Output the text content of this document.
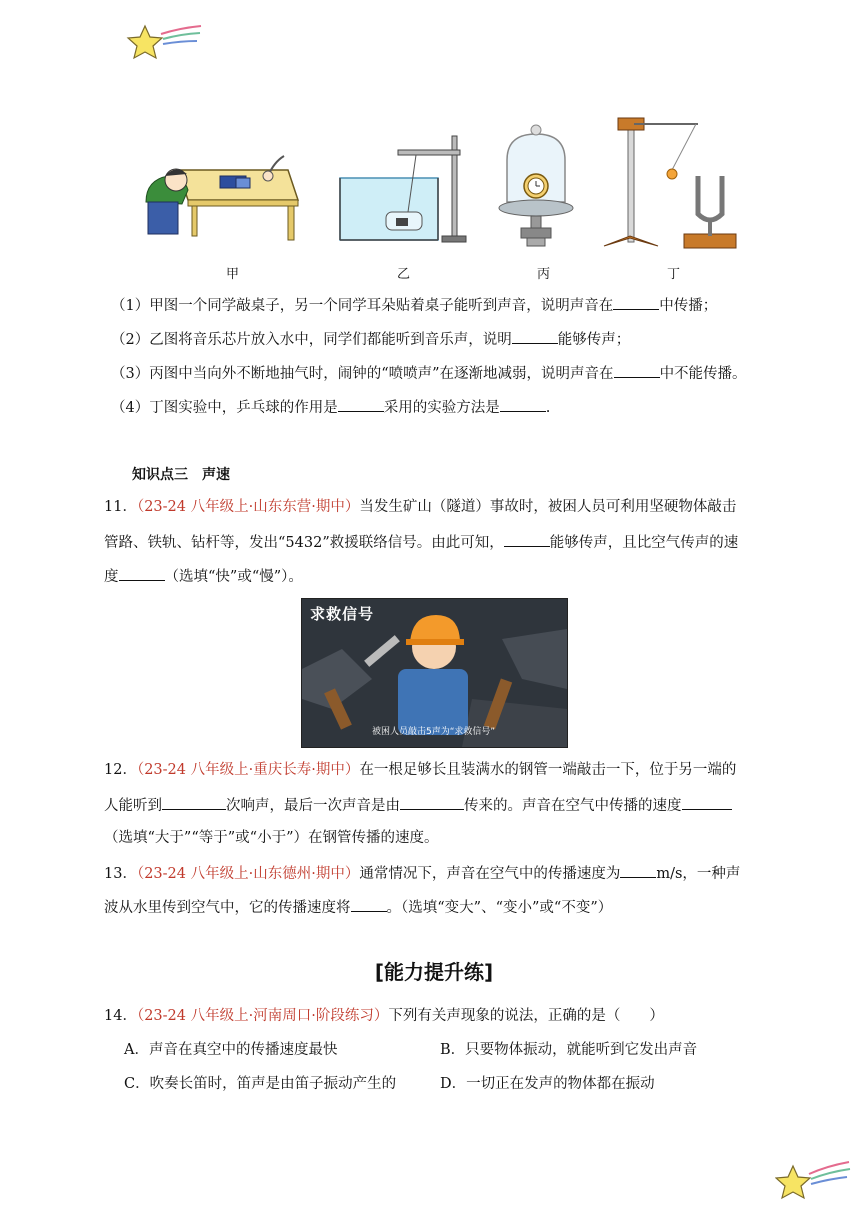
甲	乙	丙	丁
（1）甲图一个同学敲桌子，另一个同学耳朵贴着桌子能听到声音，说明声音在	中传播；
（2）乙图将音乐芯片放入水中，同学们都能听到音乐声，说明	能够传声；
（3）丙图中当向外不断地抽气时，闹钟的“喷喷声”在逐渐地减弱，说明声音在	中不能传播。
（4）丁图实验中，乒乓球的作用是	采用的实验方法是	.
知识点三　声速
11．（23-24 八年级上·山东东营·期中）当发生矿山（隧道）事故时，被困人员可利用坚硬物体敲击
管路、铁轨、钻杆等，发出“5432”救援联络信号。由此可知，	能够传声，且比空气传声的速
度	（选填“快”或“慢”）。
求救信号
被困人员敲击5声为“求救信号”
12．（23-24 八年级上·重庆长寿·期中）在一根足够长且装满水的钢管一端敲击一下，位于另一端的
人能听到	次响声，最后一次声音是由	传来的。声音在空气中传播的速度
（选填“大于”“等于”或“小于”）在钢管传播的速度。
13．（23-24 八年级上·山东德州·期中）通常情况下，声音在空气中的传播速度为 m/s，一种声
波从水里传到空气中，它的传播速度将 。（选填“变大”、“变小”或“不变”）
[能力提升练]
14．（23-24 八年级上·河南周口·阶段练习）下列有关声现象的说法，正确的是（　　）
A．声音在真空中的传播速度最快	B．只要物体振动，就能听到它发出声音
C．吹奏长笛时，笛声是由笛子振动产生的	D．一切正在发声的物体都在振动
